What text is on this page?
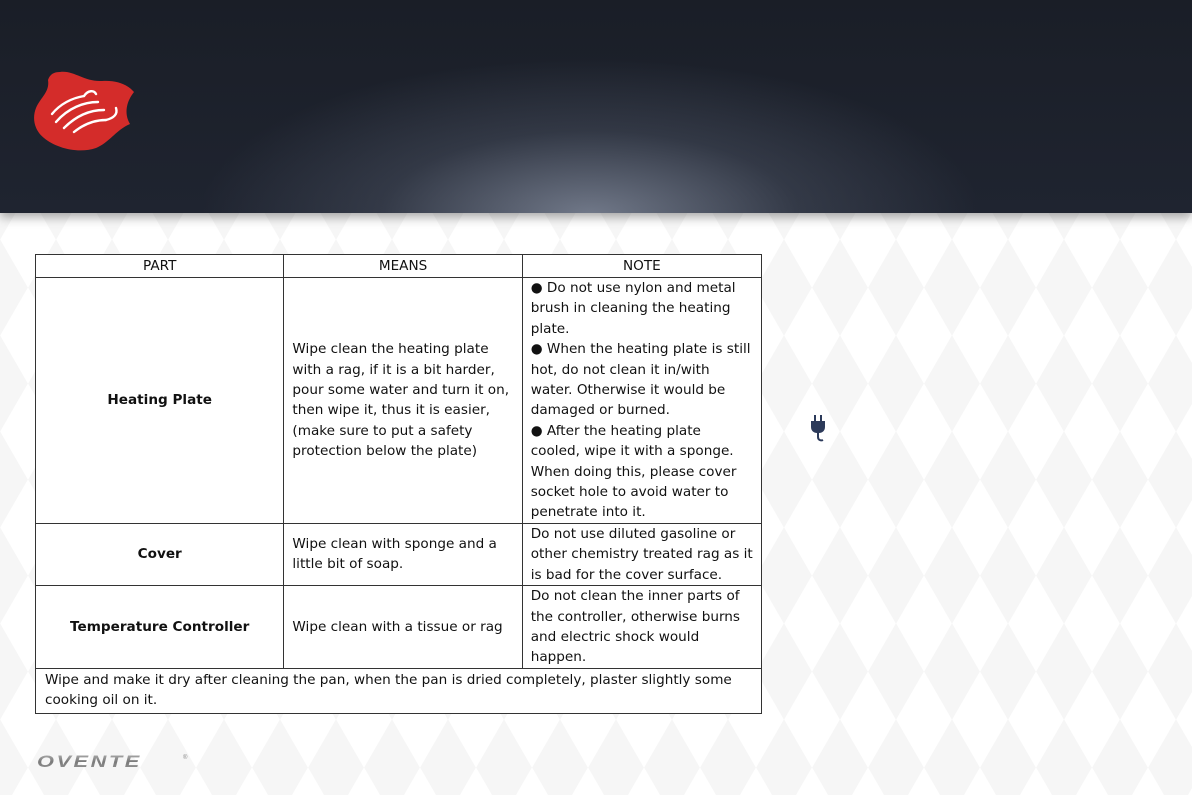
PART	MEANS	NOTE
Heating Plate	Wipe clean the heating plate with a rag, if it is a bit harder, pour some water and turn it on, then wipe it, thus it is easier, (make sure to put a safety protection below the plate)	● Do not use nylon and metal brush in cleaning the heating plate.
● When the heating plate is still hot, do not clean it in/with water. Otherwise it would be damaged or burned.
● After the heating plate cooled, wipe it with a sponge. When doing this, please cover socket hole to avoid water to penetrate into it.

Cover	Wipe clean with sponge and a little bit of soap.	Do not use diluted gasoline or other chemistry treated rag as it is bad for the cover surface.

Temperature Controller	Wipe clean with a tissue or rag	Do not clean the inner parts of the controller, otherwise burns and electric shock would happen.

Wipe and make it dry after cleaning the pan, when the pan is dried completely, plaster slightly some cooking oil on it.		
OVENTE	®
